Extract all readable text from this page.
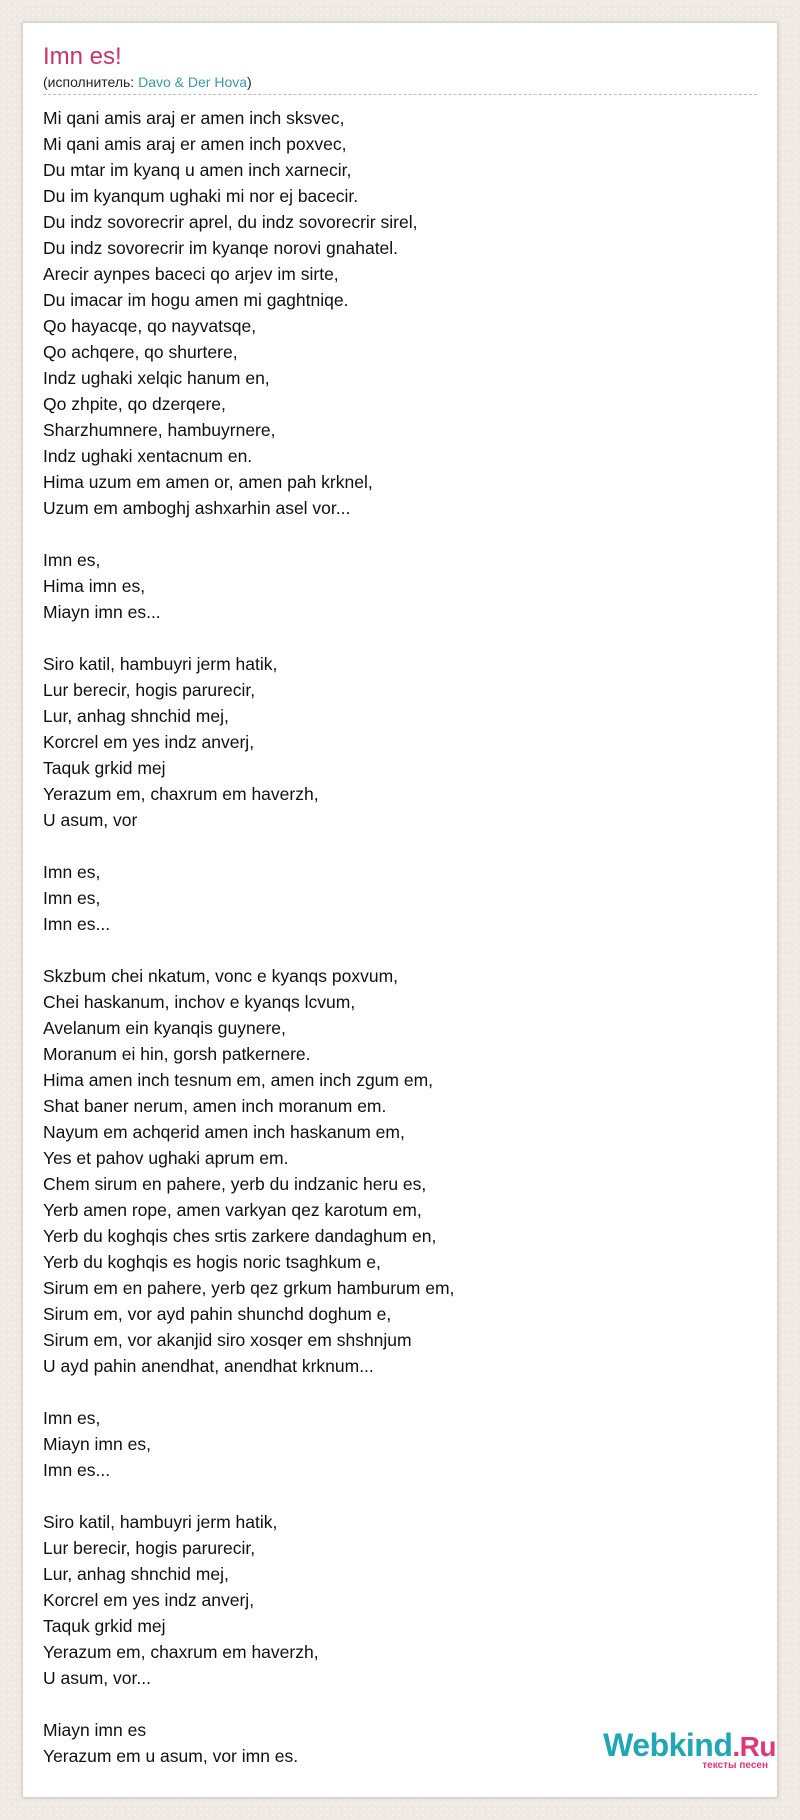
Imn es!
(исполнитель: Davo & Der Hova)
Mi qani amis araj er amen inch sksvec,
Mi qani amis araj er amen inch poxvec,
Du mtar im kyanq u amen inch xarnecir,
Du im kyanqum ughaki mi nor ej bacecir.
Du indz sovorecrir aprel, du indz sovorecrir sirel,
Du indz sovorecrir im kyanqe norovi gnahatel.
Arecir aynpes baceci qo arjev im sirte,
Du imacar im hogu amen mi gaghtniqe.
Qo hayacqe, qo nayvatsqe,
Qo achqere, qo shurtere,
Indz ughaki xelqic hanum en,
Qo zhpite, qo dzerqere,
Sharzhumnere, hambuyrnere,
Indz ughaki xentacnum en.
Hima uzum em amen or, amen pah krknel,
Uzum em amboghj ashxarhin asel vor...
Imn es,
Hima imn es,
Miayn imn es...
Siro katil, hambuyri jerm hatik,
Lur berecir, hogis parurecir,
Lur, anhag shnchid mej,
Korcrel em yes indz anverj,
Taquk grkid mej
Yerazum em, chaxrum em haverzh,
U asum, vor
Imn es,
Imn es,
Imn es...
Skzbum chei nkatum, vonc e kyanqs poxvum,
Chei haskanum, inchov e kyanqs lcvum,
Avelanum ein kyanqis guynere,
Moranum ei hin, gorsh patkernere.
Hima amen inch tesnum em, amen inch zgum em,
Shat baner nerum, amen inch moranum em.
Nayum em achqerid amen inch haskanum em,
Yes et pahov ughaki aprum em.
Chem sirum en pahere, yerb du indzanic heru es,
Yerb amen rope, amen varkyan qez karotum em,
Yerb du koghqis ches srtis zarkere dandaghum en,
Yerb du koghqis es hogis noric tsaghkum e,
Sirum em en pahere, yerb qez grkum hamburum em,
Sirum em, vor ayd pahin shunchd doghum e,
Sirum em, vor akanjid siro xosqer em shshnjum
U ayd pahin anendhat, anendhat krknum...
Imn es,
Miayn imn es,
Imn es...
Siro katil, hambuyri jerm hatik,
Lur berecir, hogis parurecir,
Lur, anhag shnchid mej,
Korcrel em yes indz anverj,
Taquk grkid mej
Yerazum em, chaxrum em haverzh,
U asum, vor...
Miayn imn es
Yerazum em u asum, vor imn es.	Webkind.Ru
тексты песен
